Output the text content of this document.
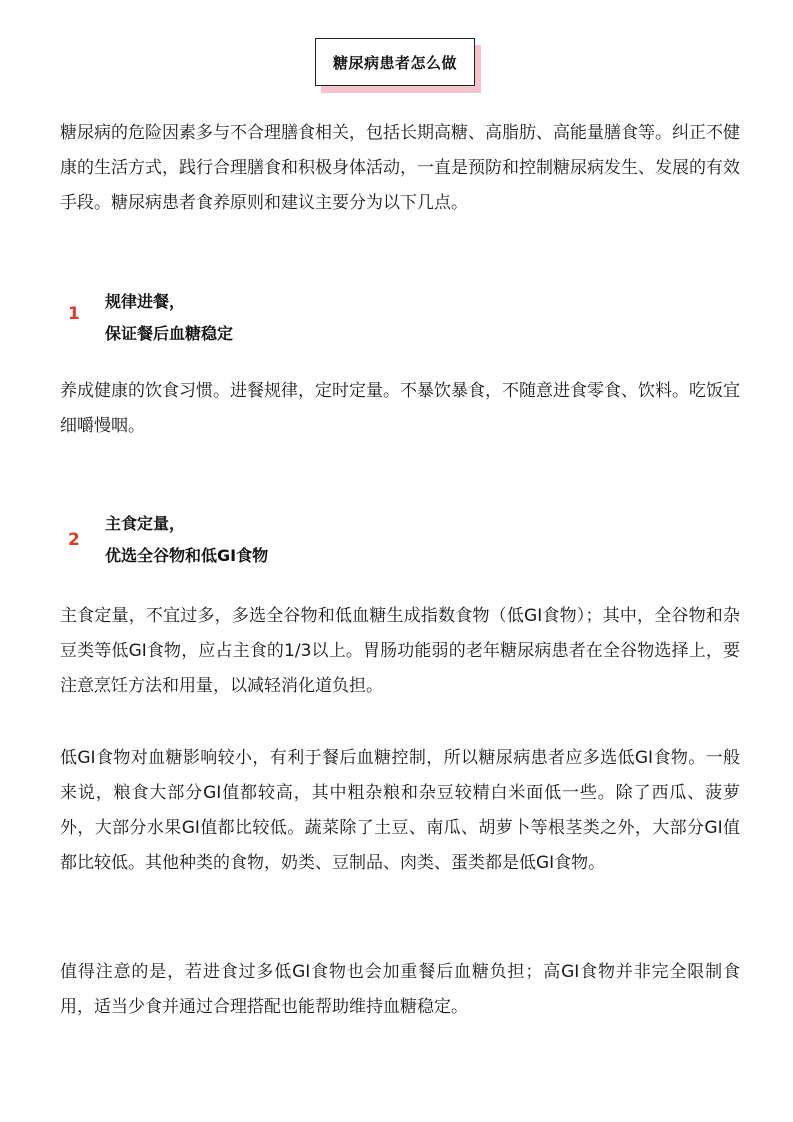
糖尿病患者怎么做

糖尿病的危险因素多与不合理膳食相关，包括长期高糖、高脂肪、高能量膳食等。纠正不健康的生活方式，践行合理膳食和积极身体活动，一直是预防和控制糖尿病发生、发展的有效手段。糖尿病患者食养原则和建议主要分为以下几点。

1
规律进餐，
保证餐后血糖稳定

养成健康的饮食习惯。进餐规律，定时定量。不暴饮暴食，不随意进食零食、饮料。吃饭宜细嚼慢咽。

2
主食定量，
优选全谷物和低GI食物

主食定量，不宜过多，多选全谷物和低血糖生成指数食物（低GI食物）；其中，全谷物和杂豆类等低GI食物，应占主食的1/3以上。胃肠功能弱的老年糖尿病患者在全谷物选择上，要注意烹饪方法和用量，以减轻消化道负担。

低GI食物对血糖影响较小，有利于餐后血糖控制，所以糖尿病患者应多选低GI食物。一般来说，粮食大部分GI值都较高，其中粗杂粮和杂豆较精白米面低一些。除了西瓜、菠萝外，大部分水果GI值都比较低。蔬菜除了土豆、南瓜、胡萝卜等根茎类之外，大部分GI值都比较低。其他种类的食物，奶类、豆制品、肉类、蛋类都是低GI食物。

值得注意的是，若进食过多低GI食物也会加重餐后血糖负担；高GI食物并非完全限制食用，适当少食并通过合理搭配也能帮助维持血糖稳定。
